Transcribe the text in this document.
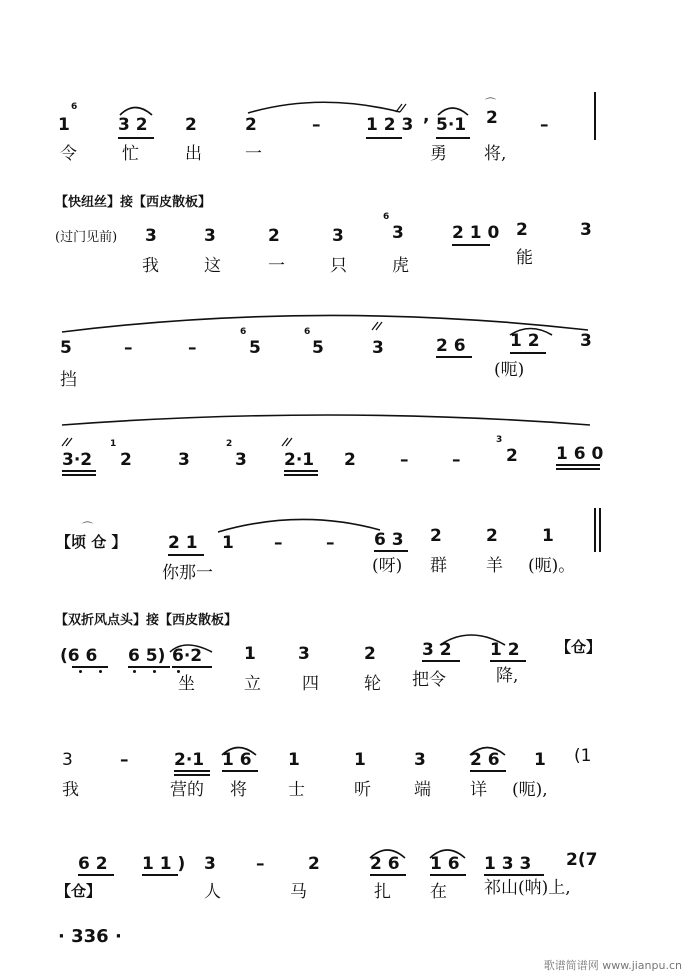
1
6
3 2 2	2	–	1 2 3 , 5·1
⌒
2 –
令	忙	出	一	勇 将,
【快纽丝】接【西皮散板】
(过门见前) 3	3	2	3
6
3	2 1 0 2	3
我	这	一	只	虎	能
5	–	–
6
5
6
5	3	2 6	1 2 3
挡	(呃)
3·2
1
2	3
2
3 2·1 2	–	–
3
2 1 6 0
⌒
【顷 仓 】 2 1 1 –	– 6 3 2	2	1
你那一	(呀) 群 羊 (呃)。
【双折风点头】接【西皮散板】
(6 6 6 5) 6·2 1 3	2	3 2 1 2 【仓】
坐	立 四	轮 把令	降,
3	–	2·1 1 6 1	1	3	2 6 1 (1
我	营的 将 士	听	端 详 (呃),
6 2 1 1 ) 3 –	2	2 6 1 6 1 3 3 2(7
【仓】	人	马	扎 在 祁山(呐)上,
· 336 ·
歌谱简谱网 www.jianpu.cn
